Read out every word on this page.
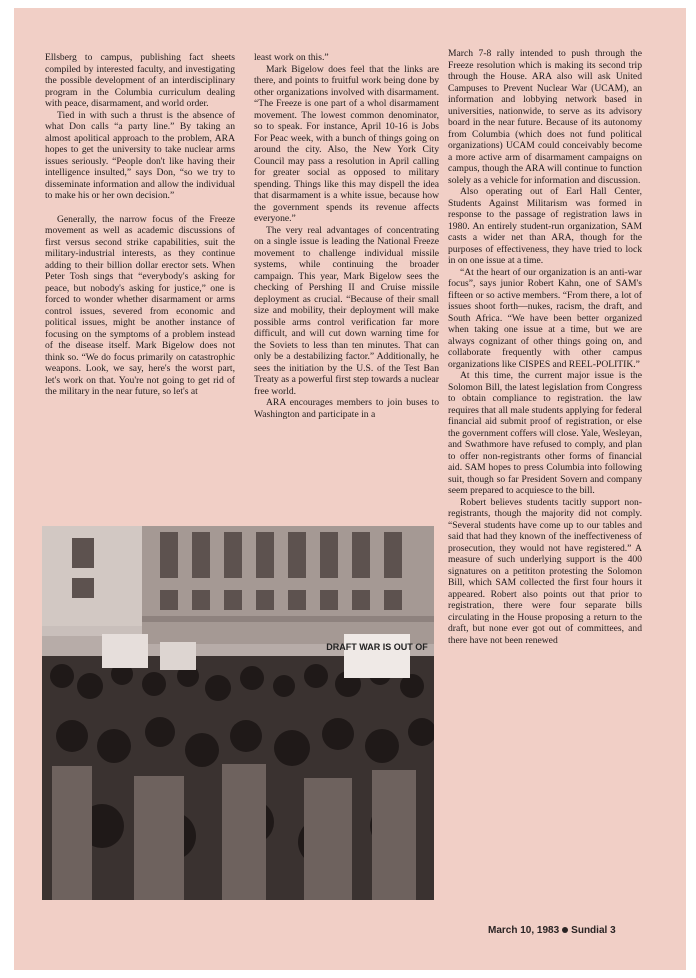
Ellsberg to campus, publishing fact sheets compiled by interested faculty, and investigating the possible development of an interdisciplinary program in the Columbia curriculum dealing with peace, disarmament, and world order.

Tied in with such a thrust is the absence of what Don calls “a party line.” By taking an almost apolitical approach to the problem, ARA hopes to get the university to take nuclear arms issues seriously. “People don't like having their intelligence insulted,” says Don, “so we try to disseminate information and allow the individual to make his or her own decision.”

Generally, the narrow focus of the Freeze movement as well as academic discussions of first versus second strike capabilities, suit the military-industrial interests, as they continue adding to their billion dollar erector sets. When Peter Tosh sings that “everybody's asking for peace, but nobody's asking for justice,” one is forced to wonder whether disarmament or arms control issues, severed from economic and political issues, might be another instance of focusing on the symptoms of a problem instead of the disease itself. Mark Bigelow does not think so. “We do focus primarily on catastrophic weapons. Look, we say, here's the worst part, let's work on that. You're not going to get rid of the military in the near future, so let's at

least work on this.”

Mark Bigelow does feel that the links are there, and points to fruitful work being done by other organizations involved with disarmament. “The Freeze is one part of a whol disarmament movement. The lowest common denominator, so to speak. For instance, April 10-16 is Jobs For Peac week, with a bunch of things going on around the city. Also, the New York City Council may pass a resolution in April calling for greater social as opposed to military spending. Things like this may dispell the idea that disarmament is a white issue, because how the government spends its revenue affects everyone.”

The very real advantages of concentrating on a single issue is leading the National Freeze movement to challenge individual missile systems, while continuing the broader campaign. This year, Mark Bigelow sees the checking of Pershing II and Cruise missile deployment as crucial. “Because of their small size and mobility, their deployment will make possible arms control verification far more difficult, and will cut down warning time for the Soviets to less than ten minutes. That can only be a destabilizing factor.” Additionally, he sees the initiation by the U.S. of the Test Ban Treaty as a powerful first step towards a nuclear free world.

ARA encourages members to join buses to Washington and participate in a

March 7-8 rally intended to push through the Freeze resolution which is making its second trip through the House. ARA also will ask United Campuses to Prevent Nuclear War (UCAM), an information and lobbying network based in universities, nationwide, to serve as its advisory board in the near future. Because of its autonomy from Columbia (which does not fund political organizations) UCAM could conceivably become a more active arm of disarmament campaigns on campus, though the ARA will continue to function solely as a vehicle for information and discussion.

Also operating out of Earl Hall Center, Students Against Militarism was formed in response to the passage of registration laws in 1980. An entirely student-run organization, SAM casts a wider net than ARA, though for the purposes of effectiveness, they have tried to lock in on one issue at a time.

“At the heart of our organization is an anti-war focus”, says junior Robert Kahn, one of SAM's fifteen or so active members. “From there, a lot of issues shoot forth—nukes, racism, the draft, and South Africa. “We have been better organized when taking one issue at a time, but we are always cognizant of other things going on, and collaborate frequently with other campus organizations like CISPES and REEL-POLITIK.”

At this time, the current major issue is the Solomon Bill, the latest legislation from Congress to obtain compliance to registration. the law requires that all male students applying for federal financial aid submit proof of registration, or else the government coffers will close. Yale, Wesleyan, and Swathmore have refused to comply, and plan to offer non-registrants other forms of financial aid. SAM hopes to press Columbia into following suit, though so far President Sovern and company seem prepared to acquiesce to the bill.

Robert believes students tacitly support non-registrants, though the majority did not comply. “Several students have come up to our tables and said that had they known of the ineffectiveness of prosecution, they would not have registered.” A measure of such underlying support is the 400 signatures on a petititon protesting the Solomon Bill, which SAM collected the first four hours it appeared. Robert also points out that prior to registration, there were four separate bills circulating in the House proposing a return to the draft, but none ever got out of committees, and there have not been renewed

DRAFT WAR IS OUT OF
March 10, 1983 Sundial 3
